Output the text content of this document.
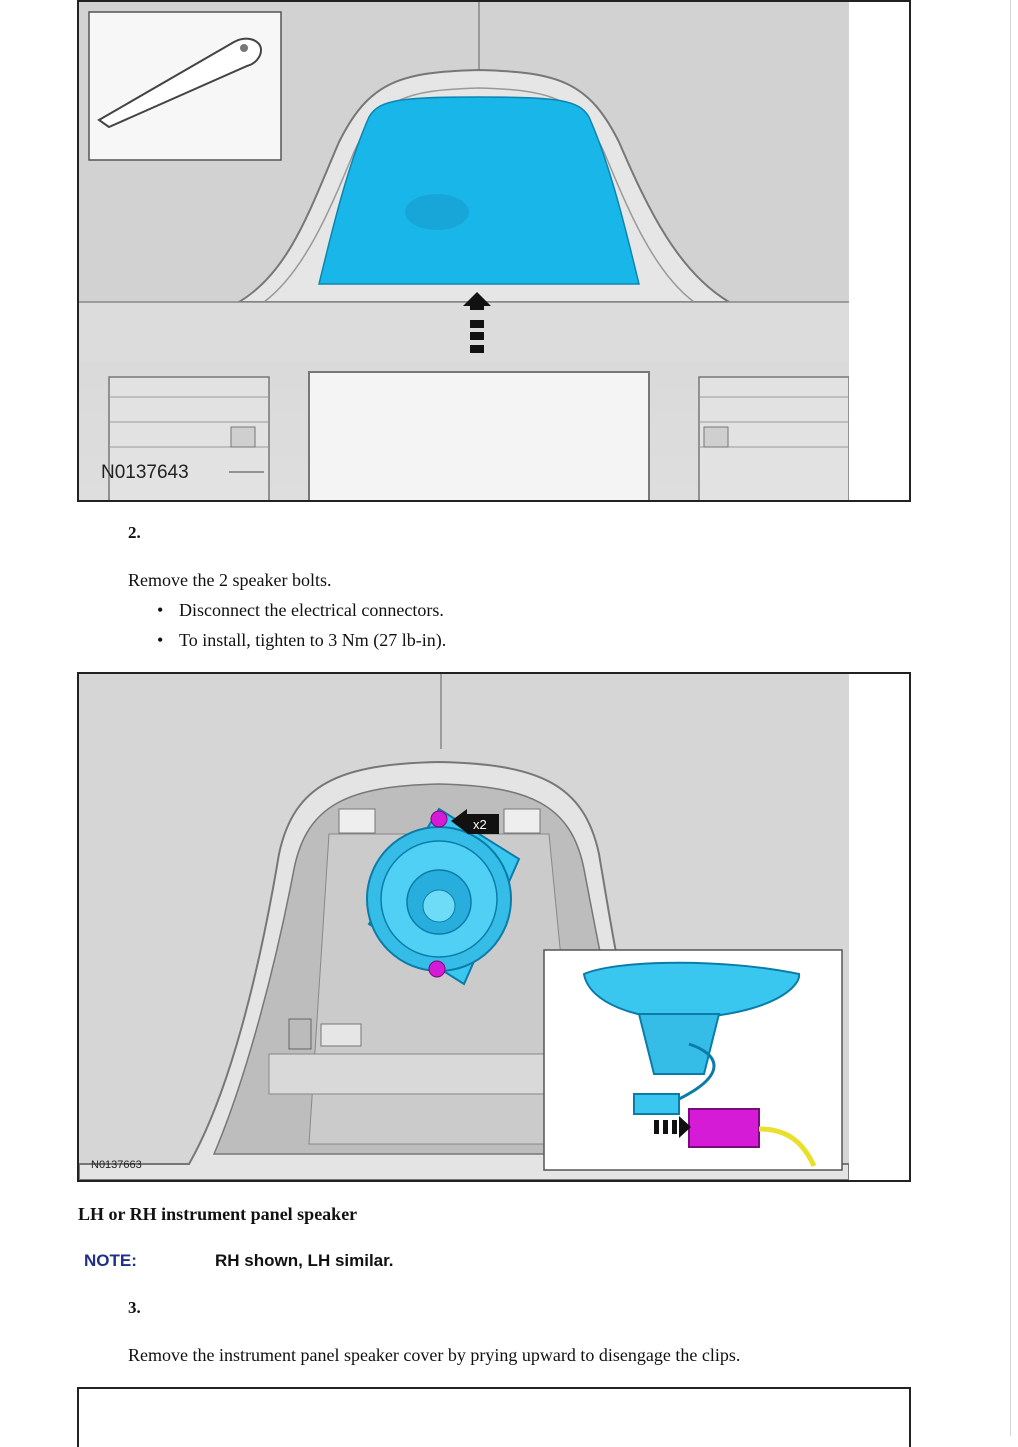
N0137643
2.
Remove the 2 speaker bolts.
• Disconnect the electrical connectors.
• To install, tighten to 3 Nm (27 lb-in).
x2
N0137663
LH or RH instrument panel speaker
NOTE:	RH shown, LH similar.
3.
Remove the instrument panel speaker cover by prying upward to disengage the clips.
